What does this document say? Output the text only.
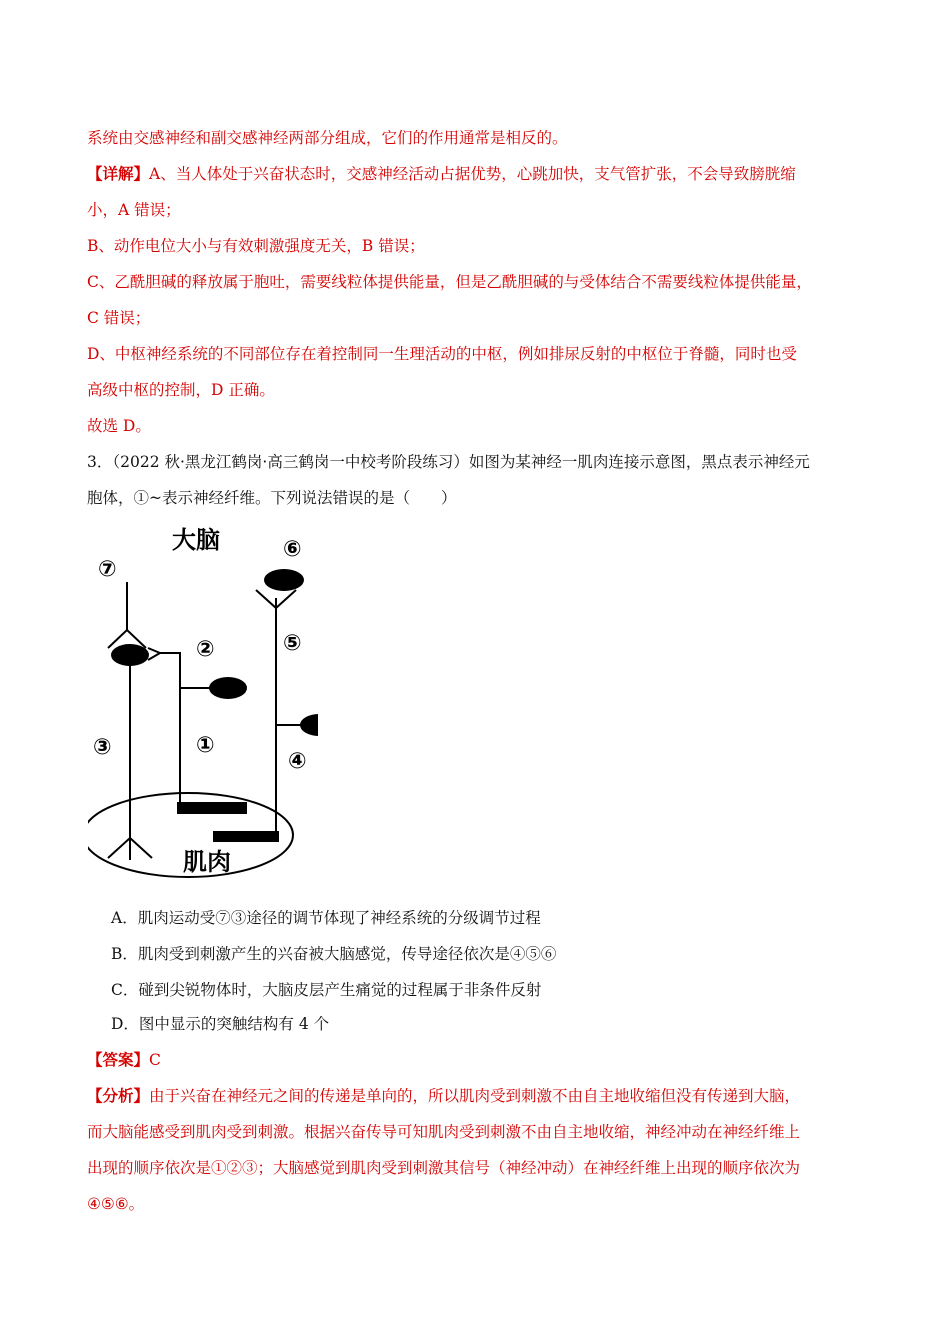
系统由交感神经和副交感神经两部分组成，它们的作用通常是相反的。
【详解】A、当人体处于兴奋状态时，交感神经活动占据优势，心跳加快，支气管扩张，不会导致膀胱缩
小，A 错误；
B、动作电位大小与有效刺激强度无关，B 错误；
C、乙酰胆碱的释放属于胞吐，需要线粒体提供能量，但是乙酰胆碱的与受体结合不需要线粒体提供能量，
C 错误；
D、中枢神经系统的不同部位存在着控制同一生理活动的中枢，例如排尿反射的中枢位于脊髓，同时也受
高级中枢的控制，D 正确。
故选 D。
3．（2022 秋·黑龙江鹤岗·高三鹤岗一中校考阶段练习）如图为某神经一肌肉连接示意图，黑点表示神经元
胞体，①~表示神经纤维。下列说法错误的是（　　）
大脑
肌肉
⑦
⑥
⑤
②
①
③
④
A．肌肉运动受⑦③途径的调节体现了神经系统的分级调节过程
B．肌肉受到刺激产生的兴奋被大脑感觉，传导途径依次是④⑤⑥
C．碰到尖锐物体时，大脑皮层产生痛觉的过程属于非条件反射
D．图中显示的突触结构有 4 个
【答案】C
【分析】由于兴奋在神经元之间的传递是单向的，所以肌肉受到刺激不由自主地收缩但没有传递到大脑，
而大脑能感受到肌肉受到刺激。根据兴奋传导可知肌肉受到刺激不由自主地收缩，神经冲动在神经纤维上
出现的顺序依次是①②③；大脑感觉到肌肉受到刺激其信号（神经冲动）在神经纤维上出现的顺序依次为
④⑤⑥。
